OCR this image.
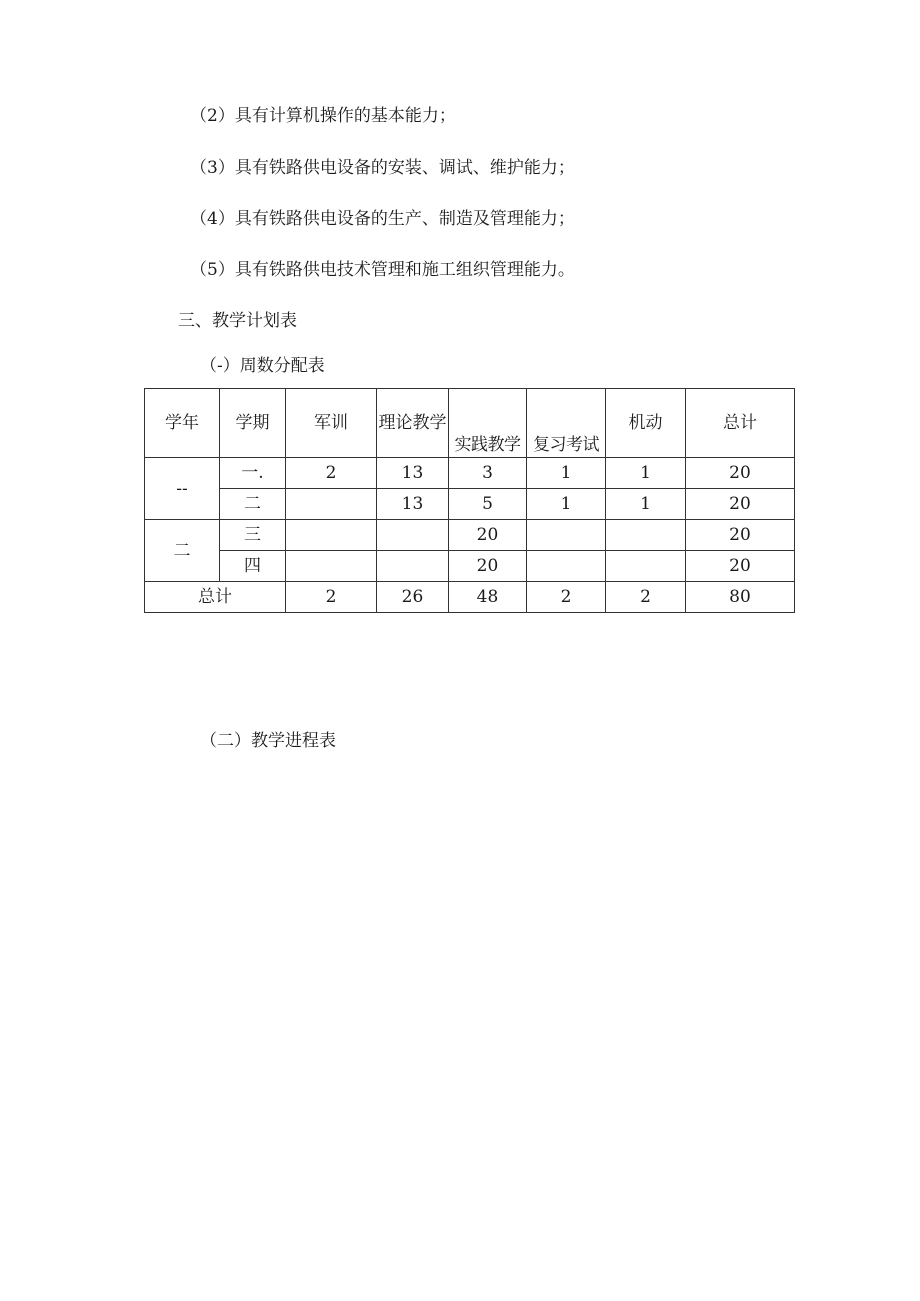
（2）具有计算机操作的基本能力；

（3）具有铁路供电设备的安装、调试、维护能力；

（4）具有铁路供电设备的生产、制造及管理能力；

（5）具有铁路供电技术管理和施工组织管理能力。

三、教学计划表

（-）周数分配表

学年	学期	军训	理论教学	实践教学	复习考试	机动	总计
--	一.	2	13	3	1	1	20
	二		13	5	1	1	20
二	三			20			20
	四			20			20
总计		2	26	48	2	2	80

（二）教学进程表
